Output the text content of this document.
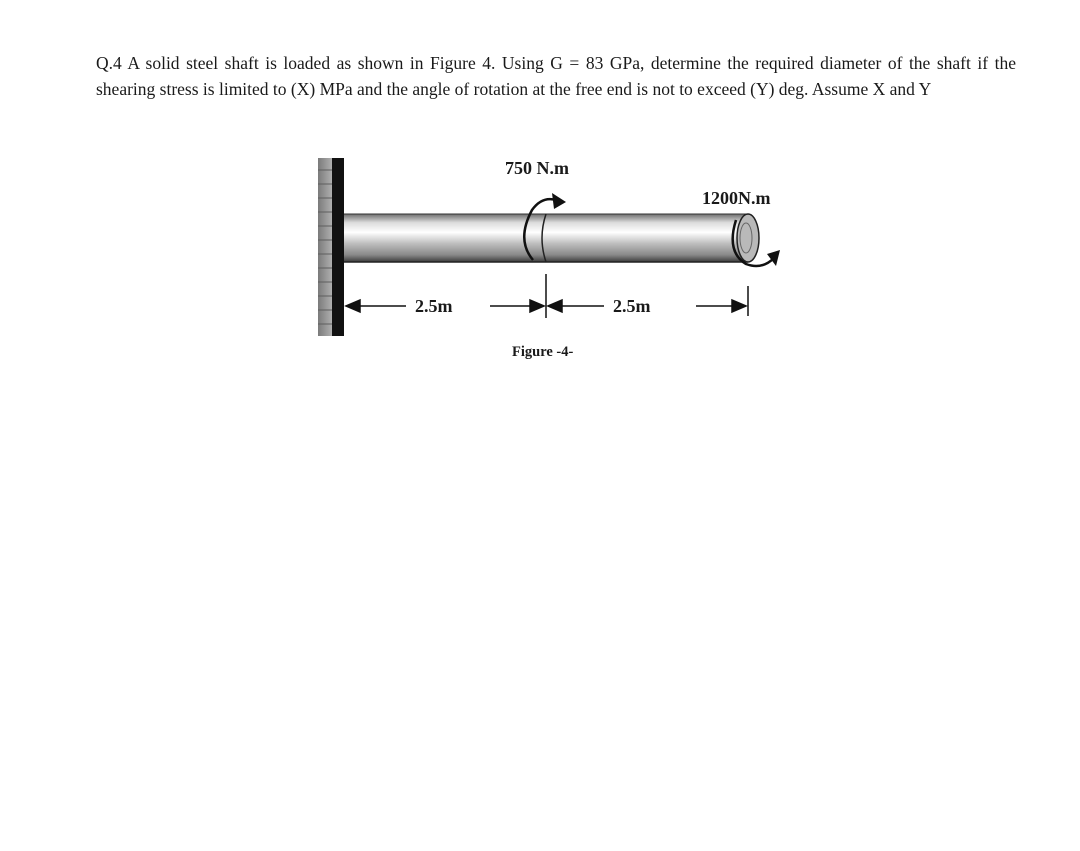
Q.4 A solid steel shaft is loaded as shown in Figure 4. Using G = 83 GPa, determine the required diameter of the shaft if the shearing stress is limited to (X) MPa and the angle of rotation at the free end is not to exceed (Y) deg. Assume X and Y

750 N.m
1200N.m
2.5m	2.5m
Figure -4-
